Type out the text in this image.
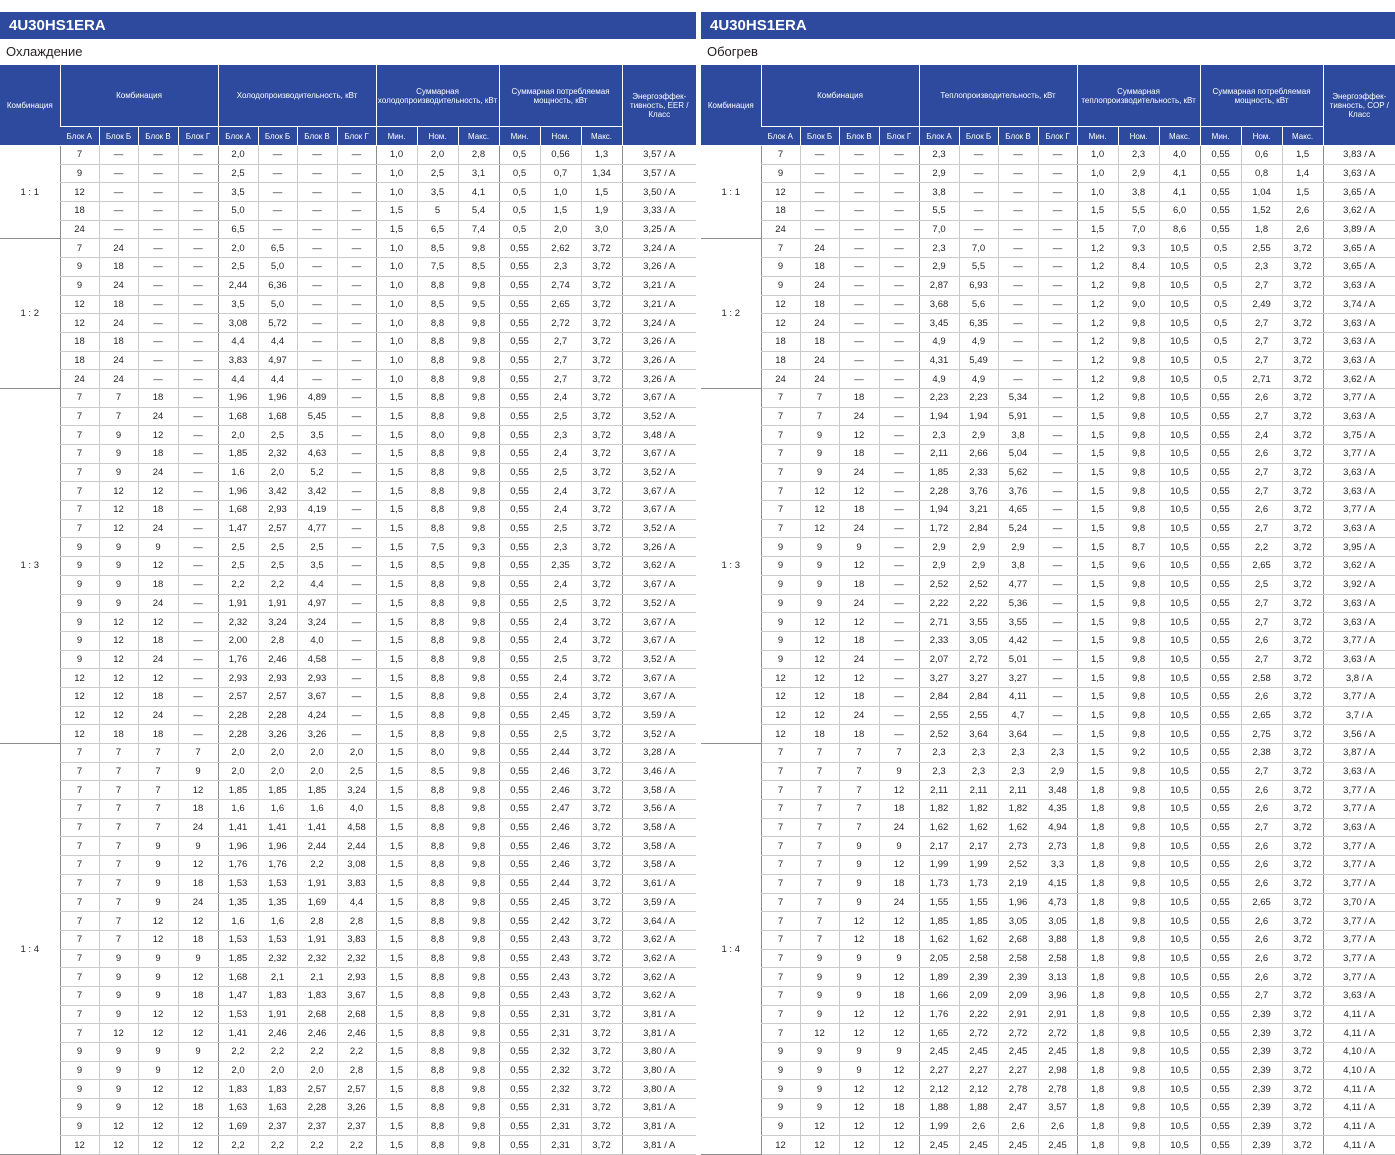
4U30HS1ERA
Охлаждение
Комбинация	Комбинация				Холодопроизводительность, кВт				Суммарная холодопроизводительность, кВт			Суммарная потребляемая мощность, кВт			Энергоэффек-тивность, EER / Класс
	Блок А	Блок Б	Блок В	Блок Г	Блок А	Блок Б	Блок В	Блок Г	Мин.	Ном.	Макс.	Мин.	Ном.	Макс.	
1 : 1	7	—	—	—	2,0	—	—	—	1,0	2,0	2,8	0,5	0,56	1,3	3,57 / A
	9	—	—	—	2,5	—	—	—	1,0	2,5	3,1	0,5	0,7	1,34	3,57 / A
	12	—	—	—	3,5	—	—	—	1,0	3,5	4,1	0,5	1,0	1,5	3,50 / A
	18	—	—	—	5,0	—	—	—	1,5	5	5,4	0,5	1,5	1,9	3,33 / A
	24	—	—	—	6,5	—	—	—	1,5	6,5	7,4	0,5	2,0	3,0	3,25 / A
1 : 2	7	24	—	—	2,0	6,5	—	—	1,0	8,5	9,8	0,55	2,62	3,72	3,24 / A
	9	18	—	—	2,5	5,0	—	—	1,0	7,5	8,5	0,55	2,3	3,72	3,26 / A
	9	24	—	—	2,44	6,36	—	—	1,0	8,8	9,8	0,55	2,74	3,72	3,21 / A
	12	18	—	—	3,5	5,0	—	—	1,0	8,5	9,5	0,55	2,65	3,72	3,21 / A
	12	24	—	—	3,08	5,72	—	—	1,0	8,8	9,8	0,55	2,72	3,72	3,24 / A
	18	18	—	—	4,4	4,4	—	—	1,0	8,8	9,8	0,55	2,7	3,72	3,26 / A
	18	24	—	—	3,83	4,97	—	—	1,0	8,8	9,8	0,55	2,7	3,72	3,26 / A
	24	24	—	—	4,4	4,4	—	—	1,0	8,8	9,8	0,55	2,7	3,72	3,26 / A
1 : 3	7	7	18	—	1,96	1,96	4,89	—	1,5	8,8	9,8	0,55	2,4	3,72	3,67 / A
	7	7	24	—	1,68	1,68	5,45	—	1,5	8,8	9,8	0,55	2,5	3,72	3,52 / A
	7	9	12	—	2,0	2,5	3,5	—	1,5	8,0	9,8	0,55	2,3	3,72	3,48 / A
	7	9	18	—	1,85	2,32	4,63	—	1,5	8,8	9,8	0,55	2,4	3,72	3,67 / A
	7	9	24	—	1,6	2,0	5,2	—	1,5	8,8	9,8	0,55	2,5	3,72	3,52 / A
	7	12	12	—	1,96	3,42	3,42	—	1,5	8,8	9,8	0,55	2,4	3,72	3,67 / A
	7	12	18	—	1,68	2,93	4,19	—	1,5	8,8	9,8	0,55	2,4	3,72	3,67 / A
	7	12	24	—	1,47	2,57	4,77	—	1,5	8,8	9,8	0,55	2,5	3,72	3,52 / A
	9	9	9	—	2,5	2,5	2,5	—	1,5	7,5	9,3	0,55	2,3	3,72	3,26 / A
	9	9	12	—	2,5	2,5	3,5	—	1,5	8,5	9,8	0,55	2,35	3,72	3,62 / A
	9	9	18	—	2,2	2,2	4,4	—	1,5	8,8	9,8	0,55	2,4	3,72	3,67 / A
	9	9	24	—	1,91	1,91	4,97	—	1,5	8,8	9,8	0,55	2,5	3,72	3,52 / A
	9	12	12	—	2,32	3,24	3,24	—	1,5	8,8	9,8	0,55	2,4	3,72	3,67 / A
	9	12	18	—	2,00	2,8	4,0	—	1,5	8,8	9,8	0,55	2,4	3,72	3,67 / A
	9	12	24	—	1,76	2,46	4,58	—	1,5	8,8	9,8	0,55	2,5	3,72	3,52 / A
	12	12	12	—	2,93	2,93	2,93	—	1,5	8,8	9,8	0,55	2,4	3,72	3,67 / A
	12	12	18	—	2,57	2,57	3,67	—	1,5	8,8	9,8	0,55	2,4	3,72	3,67 / A
	12	12	24	—	2,28	2,28	4,24	—	1,5	8,8	9,8	0,55	2,45	3,72	3,59 / A
	12	18	18	—	2,28	3,26	3,26	—	1,5	8,8	9,8	0,55	2,5	3,72	3,52 / A
1 : 4	7	7	7	7	2,0	2,0	2,0	2,0	1,5	8,0	9,8	0,55	2,44	3,72	3,28 / A
	7	7	7	9	2,0	2,0	2,0	2,5	1,5	8,5	9,8	0,55	2,46	3,72	3,46 / A
	7	7	7	12	1,85	1,85	1,85	3,24	1,5	8,8	9,8	0,55	2,46	3,72	3,58 / A
	7	7	7	18	1,6	1,6	1,6	4,0	1,5	8,8	9,8	0,55	2,47	3,72	3,56 / A
	7	7	7	24	1,41	1,41	1,41	4,58	1,5	8,8	9,8	0,55	2,46	3,72	3,58 / A
	7	7	9	9	1,96	1,96	2,44	2,44	1,5	8,8	9,8	0,55	2,46	3,72	3,58 / A
	7	7	9	12	1,76	1,76	2,2	3,08	1,5	8,8	9,8	0,55	2,46	3,72	3,58 / A
	7	7	9	18	1,53	1,53	1,91	3,83	1,5	8,8	9,8	0,55	2,44	3,72	3,61 / A
	7	7	9	24	1,35	1,35	1,69	4,4	1,5	8,8	9,8	0,55	2,45	3,72	3,59 / A
	7	7	12	12	1,6	1,6	2,8	2,8	1,5	8,8	9,8	0,55	2,42	3,72	3,64 / A
	7	7	12	18	1,53	1,53	1,91	3,83	1,5	8,8	9,8	0,55	2,43	3,72	3,62 / A
	7	9	9	9	1,85	2,32	2,32	2,32	1,5	8,8	9,8	0,55	2,43	3,72	3,62 / A
	7	9	9	12	1,68	2,1	2,1	2,93	1,5	8,8	9,8	0,55	2,43	3,72	3,62 / A
	7	9	9	18	1,47	1,83	1,83	3,67	1,5	8,8	9,8	0,55	2,43	3,72	3,62 / A
	7	9	12	12	1,53	1,91	2,68	2,68	1,5	8,8	9,8	0,55	2,31	3,72	3,81 / A
	7	12	12	12	1,41	2,46	2,46	2,46	1,5	8,8	9,8	0,55	2,31	3,72	3,81 / A
	9	9	9	9	2,2	2,2	2,2	2,2	1,5	8,8	9,8	0,55	2,32	3,72	3,80 / A
	9	9	9	12	2,0	2,0	2,0	2,8	1,5	8,8	9,8	0,55	2,32	3,72	3,80 / A
	9	9	12	12	1,83	1,83	2,57	2,57	1,5	8,8	9,8	0,55	2,32	3,72	3,80 / A
	9	9	12	18	1,63	1,63	2,28	3,26	1,5	8,8	9,8	0,55	2,31	3,72	3,81 / A
	9	12	12	12	1,69	2,37	2,37	2,37	1,5	8,8	9,8	0,55	2,31	3,72	3,81 / A
	12	12	12	12	2,2	2,2	2,2	2,2	1,5	8,8	9,8	0,55	2,31	3,72	3,81 / A
4U30HS1ERA
Обогрев
Комбинация	Комбинация				Теплопроизводительность, кВт				Суммарная теплопроизводительность, кВт			Суммарная потребляемая мощность, кВт			Энергоэффек-тивность, COP / Класс
	Блок А	Блок Б	Блок В	Блок Г	Блок А	Блок Б	Блок В	Блок Г	Мин.	Ном.	Макс.	Мин.	Ном.	Макс.	
1 : 1	7	—	—	—	2,3	—	—	—	1,0	2,3	4,0	0,55	0,6	1,5	3,83 / A
	9	—	—	—	2,9	—	—	—	1,0	2,9	4,1	0,55	0,8	1,4	3,63 / A
	12	—	—	—	3,8	—	—	—	1,0	3,8	4,1	0,55	1,04	1,5	3,65 / A
	18	—	—	—	5,5	—	—	—	1,5	5,5	6,0	0,55	1,52	2,6	3,62 / A
	24	—	—	—	7,0	—	—	—	1,5	7,0	8,6	0,55	1,8	2,6	3,89 / A
1 : 2	7	24	—	—	2,3	7,0	—	—	1,2	9,3	10,5	0,5	2,55	3,72	3,65 / A
	9	18	—	—	2,9	5,5	—	—	1,2	8,4	10,5	0,5	2,3	3,72	3,65 / A
	9	24	—	—	2,87	6,93	—	—	1,2	9,8	10,5	0,5	2,7	3,72	3,63 / A
	12	18	—	—	3,68	5,6	—	—	1,2	9,0	10,5	0,5	2,49	3,72	3,74 / A
	12	24	—	—	3,45	6,35	—	—	1,2	9,8	10,5	0,5	2,7	3,72	3,63 / A
	18	18	—	—	4,9	4,9	—	—	1,2	9,8	10,5	0,5	2,7	3,72	3,63 / A
	18	24	—	—	4,31	5,49	—	—	1,2	9,8	10,5	0,5	2,7	3,72	3,63 / A
	24	24	—	—	4,9	4,9	—	—	1,2	9,8	10,5	0,5	2,71	3,72	3,62 / A
1 : 3	7	7	18	—	2,23	2,23	5,34	—	1,2	9,8	10,5	0,55	2,6	3,72	3,77 / A
	7	7	24	—	1,94	1,94	5,91	—	1,5	9,8	10,5	0,55	2,7	3,72	3,63 / A
	7	9	12	—	2,3	2,9	3,8	—	1,5	9,8	10,5	0,55	2,4	3,72	3,75 / A
	7	9	18	—	2,11	2,66	5,04	—	1,5	9,8	10,5	0,55	2,6	3,72	3,77 / A
	7	9	24	—	1,85	2,33	5,62	—	1,5	9,8	10,5	0,55	2,7	3,72	3,63 / A
	7	12	12	—	2,28	3,76	3,76	—	1,5	9,8	10,5	0,55	2,7	3,72	3,63 / A
	7	12	18	—	1,94	3,21	4,65	—	1,5	9,8	10,5	0,55	2,6	3,72	3,77 / A
	7	12	24	—	1,72	2,84	5,24	—	1,5	9,8	10,5	0,55	2,7	3,72	3,63 / A
	9	9	9	—	2,9	2,9	2,9	—	1,5	8,7	10,5	0,55	2,2	3,72	3,95 / A
	9	9	12	—	2,9	2,9	3,8	—	1,5	9,6	10,5	0,55	2,65	3,72	3,62 / A
	9	9	18	—	2,52	2,52	4,77	—	1,5	9,8	10,5	0,55	2,5	3,72	3,92 / A
	9	9	24	—	2,22	2,22	5,36	—	1,5	9,8	10,5	0,55	2,7	3,72	3,63 / A
	9	12	12	—	2,71	3,55	3,55	—	1,5	9,8	10,5	0,55	2,7	3,72	3,63 / A
	9	12	18	—	2,33	3,05	4,42	—	1,5	9,8	10,5	0,55	2,6	3,72	3,77 / A
	9	12	24	—	2,07	2,72	5,01	—	1,5	9,8	10,5	0,55	2,7	3,72	3,63 / A
	12	12	12	—	3,27	3,27	3,27	—	1,5	9,8	10,5	0,55	2,58	3,72	3,8 / A
	12	12	18	—	2,84	2,84	4,11	—	1,5	9,8	10,5	0,55	2,6	3,72	3,77 / A
	12	12	24	—	2,55	2,55	4,7	—	1,5	9,8	10,5	0,55	2,65	3,72	3,7 / A
	12	18	18	—	2,52	3,64	3,64	—	1,5	9,8	10,5	0,55	2,75	3,72	3,56 / A
1 : 4	7	7	7	7	2,3	2,3	2,3	2,3	1,5	9,2	10,5	0,55	2,38	3,72	3,87 / A
	7	7	7	9	2,3	2,3	2,3	2,9	1,5	9,8	10,5	0,55	2,7	3,72	3,63 / A
	7	7	7	12	2,11	2,11	2,11	3,48	1,8	9,8	10,5	0,55	2,6	3,72	3,77 / A
	7	7	7	18	1,82	1,82	1,82	4,35	1,8	9,8	10,5	0,55	2,6	3,72	3,77 / A
	7	7	7	24	1,62	1,62	1,62	4,94	1,8	9,8	10,5	0,55	2,7	3,72	3,63 / A
	7	7	9	9	2,17	2,17	2,73	2,73	1,8	9,8	10,5	0,55	2,6	3,72	3,77 / A
	7	7	9	12	1,99	1,99	2,52	3,3	1,8	9,8	10,5	0,55	2,6	3,72	3,77 / A
	7	7	9	18	1,73	1,73	2,19	4,15	1,8	9,8	10,5	0,55	2,6	3,72	3,77 / A
	7	7	9	24	1,55	1,55	1,96	4,73	1,8	9,8	10,5	0,55	2,65	3,72	3,70 / A
	7	7	12	12	1,85	1,85	3,05	3,05	1,8	9,8	10,5	0,55	2,6	3,72	3,77 / A
	7	7	12	18	1,62	1,62	2,68	3,88	1,8	9,8	10,5	0,55	2,6	3,72	3,77 / A
	7	9	9	9	2,05	2,58	2,58	2,58	1,8	9,8	10,5	0,55	2,6	3,72	3,77 / A
	7	9	9	12	1,89	2,39	2,39	3,13	1,8	9,8	10,5	0,55	2,6	3,72	3,77 / A
	7	9	9	18	1,66	2,09	2,09	3,96	1,8	9,8	10,5	0,55	2,7	3,72	3,63 / A
	7	9	12	12	1,76	2,22	2,91	2,91	1,8	9,8	10,5	0,55	2,39	3,72	4,11 / A
	7	12	12	12	1,65	2,72	2,72	2,72	1,8	9,8	10,5	0,55	2,39	3,72	4,11 / A
	9	9	9	9	2,45	2,45	2,45	2,45	1,8	9,8	10,5	0,55	2,39	3,72	4,10 / A
	9	9	9	12	2,27	2,27	2,27	2,98	1,8	9,8	10,5	0,55	2,39	3,72	4,10 / A
	9	9	12	12	2,12	2,12	2,78	2,78	1,8	9,8	10,5	0,55	2,39	3,72	4,11 / A
	9	9	12	18	1,88	1,88	2,47	3,57	1,8	9,8	10,5	0,55	2,39	3,72	4,11 / A
	9	12	12	12	1,99	2,6	2,6	2,6	1,8	9,8	10,5	0,55	2,39	3,72	4,11 / A
	12	12	12	12	2,45	2,45	2,45	2,45	1,8	9,8	10,5	0,55	2,39	3,72	4,11 / A
